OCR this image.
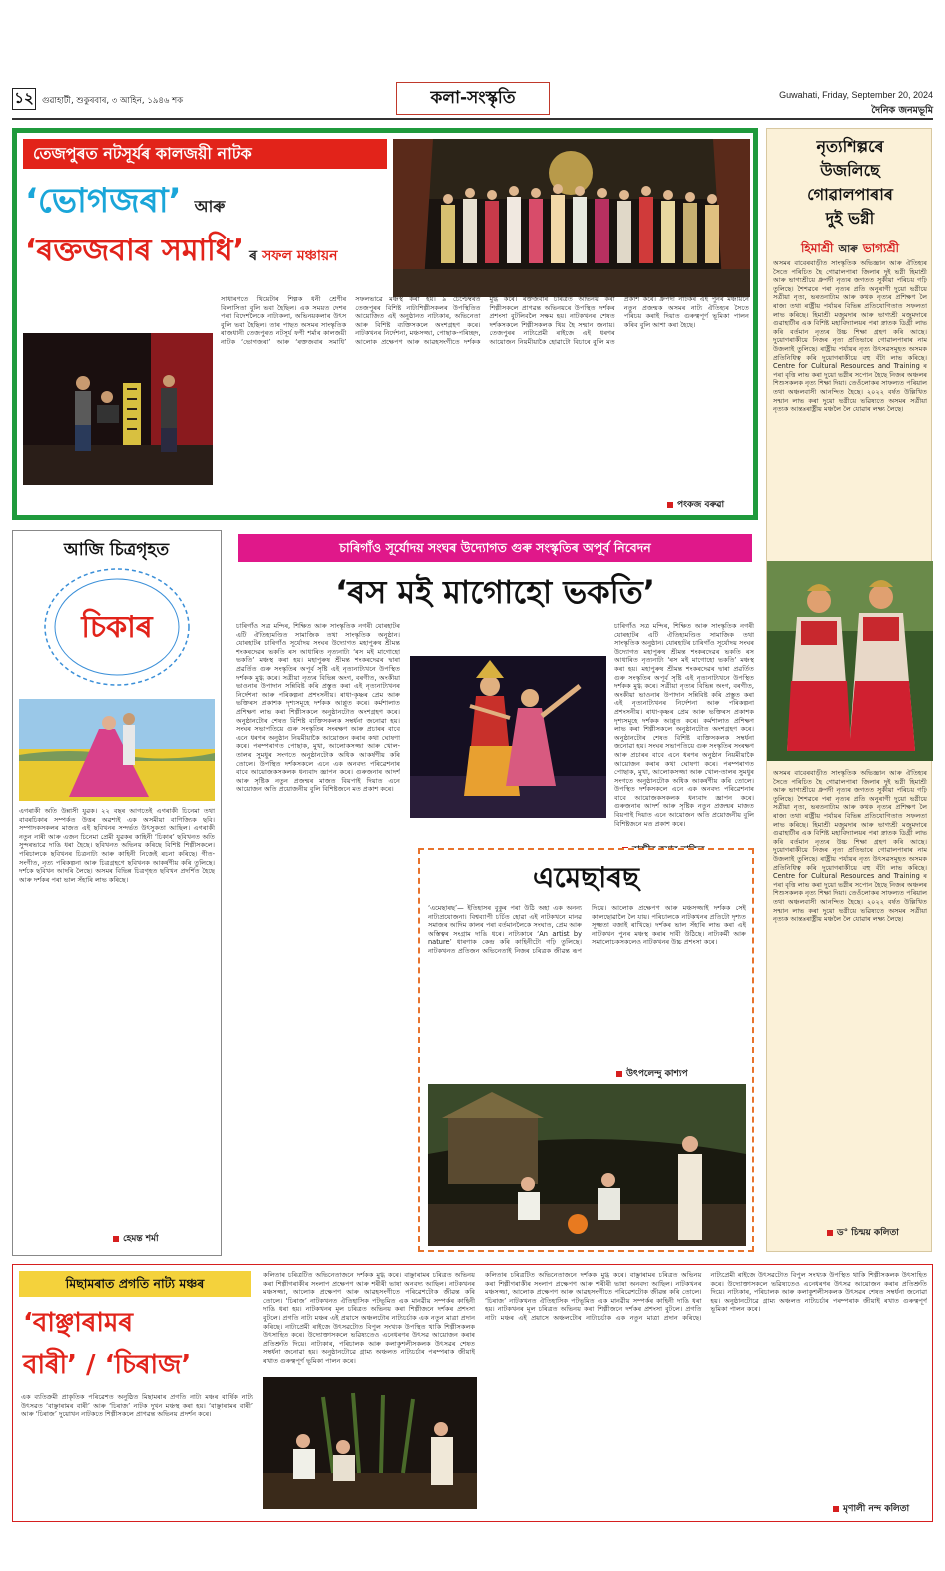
১২ গুৱাহাটী, শুকুৰবাৰ, ৩ আহিন, ১৯৪৬ শক	কলা-সংস্কৃতি	Guwahati, Friday, September 20, 2024
দৈনিক জনমভূমি
তেজপুৰত নটসূৰ্যৰ কালজয়ী নাটক
‘ভোগজৰা’ আৰু
‘ৰক্তজবাৰ সমাধি’ ৰ সফল মঞ্চায়ন
সাধাৰণতে থিয়েটাৰ শিল্পক ধনী শ্ৰেণীৰ বিলাসিতা বুলি ভবা হৈছিল। এক সময়ত দেশৰ পৰা বিদেশলৈকে নাট্যকলা, অভিনয়কলাৰ উৎস বুলি ভবা হৈছিল। তাৰ পাছত অসমৰ সাংস্কৃতিক ৰাজধানী তেজপুৰত নটসূৰ্য ফণী শৰ্মাৰ কালজয়ী নাটক ‘ভোগজৰা’ আৰু ‘ৰক্তজবাৰ সমাধি’ সফলভাৱে মঞ্চস্থ কৰা হয়। ৯ চেপ্টেম্বৰত তেজপুৰৰ বিশিষ্ট নাট্যশিল্পীসকলৰ উপস্থিতিত আয়োজিত এই অনুষ্ঠানত নাট্যকাৰ, অভিনেতা আৰু বিশিষ্ট ব্যক্তিসকলে অংশগ্ৰহণ কৰে। নাটকখনৰ নিৰ্দেশনা, মঞ্চসজ্জা, পোছাক-পৰিচ্ছদ, আলোক প্ৰক্ষেপণ আৰু আৱহসংগীতে দৰ্শকক মুগ্ধ কৰে। ৰক্তজবাৰ চৰিত্ৰত অভিনয় কৰা শিল্পীসকলে প্ৰাণৱন্ত অভিনয়ৰে উপস্থিত দৰ্শকৰ প্ৰশংসা বুটলিবলৈ সক্ষম হয়। নাটকখনৰ শেষত দৰ্শকসকলে শিল্পীসকলক থিয় হৈ সন্মান জনায়। তেজপুৰৰ নাট্যপ্ৰেমী ৰাইজে এই ধৰণৰ আয়োজন নিয়মীয়াকৈ হোৱাটো বিচাৰে বুলি মত প্ৰকাশ কৰে। ধ্ৰুপদী নাটকৰ এই পুনৰ মঞ্চায়নে নতুন প্ৰজন্মক অসমৰ নাট্য ঐতিহ্যৰ সৈতে পৰিচয় কৰাই দিয়াত গুৰুত্বপূৰ্ণ ভূমিকা পালন কৰিব বুলি আশা কৰা হৈছে।
পংকজ বৰুৱা
নৃত্যশিল্পৰে
উজলিছে
গোৱালপাৰাৰ
দুই ভগ্নী
হিমাশ্ৰী আৰু ভাগ্যশ্ৰী
অসমৰ বাবেৰবাড়ীত সাংস্কৃতিক অভিজ্ঞান আৰু ঐতিহ্যৰ সৈতে পৰিচিত হৈ গোৱালপাৰা জিলাৰ দুই ভগ্নী হিমাশ্ৰী আৰু ভাগ্যশ্ৰীয়ে ধ্ৰুপদী নৃত্যৰ জগতত সুকীয়া পৰিচয় গঢ়ি তুলিছে। শৈশৱৰে পৰা নৃত্যৰ প্ৰতি অনুৰাগী দুয়ো ভগ্নীয়ে সত্ৰীয়া নৃত্য, ভৰতনাট্যম আৰু কথক নৃত্যৰ প্ৰশিক্ষণ লৈ ৰাজ্য তথা ৰাষ্ট্ৰীয় পৰ্যায়ৰ বিভিন্ন প্ৰতিযোগিতাত সফলতা লাভ কৰিছে। হিমাশ্ৰী মজুমদাৰ আৰু ভাগ্যশ্ৰী মজুমদাৰে গুৱাহাটীৰ এক বিশিষ্ট মহাবিদ্যালয়ৰ পৰা স্নাতক ডিগ্ৰী লাভ কৰি বৰ্তমান নৃত্যৰ উচ্চ শিক্ষা গ্ৰহণ কৰি আছে। দুয়োগৰাকীয়ে নিজৰ নৃত্য প্ৰতিভাৰে গোৱালপাৰাৰ নাম উজলাই তুলিছে। ৰাষ্ট্ৰীয় পৰ্যায়ৰ নৃত্য উৎসৱসমূহত অসমক প্ৰতিনিধিত্ব কৰি দুয়োগৰাকীয়ে বহু বঁটা লাভ কৰিছে। Centre for Cultural Resources and Training ৰ পৰা বৃত্তি লাভ কৰা দুয়ো ভগ্নীৰ সপোন হৈছে নিজৰ অঞ্চলৰ শিশুসকলক নৃত্য শিক্ষা দিয়া। তেওঁলোকৰ সাফল্যত পৰিয়াল তথা অঞ্চলবাসী আনন্দিত হৈছে। ২০২২ বৰ্ষত উল্লিখিত সন্মান লাভ কৰা দুয়ো ভগ্নীয়ে ভৱিষ্যতে অসমৰ সত্ৰীয়া নৃত্যক আন্তঃৰাষ্ট্ৰীয় মঞ্চলৈ লৈ যোৱাৰ লক্ষ্য লৈছে।
অসমৰ বাবেৰবাড়ীত সাংস্কৃতিক অভিজ্ঞান আৰু ঐতিহ্যৰ সৈতে পৰিচিত হৈ গোৱালপাৰা জিলাৰ দুই ভগ্নী হিমাশ্ৰী আৰু ভাগ্যশ্ৰীয়ে ধ্ৰুপদী নৃত্যৰ জগতত সুকীয়া পৰিচয় গঢ়ি তুলিছে। শৈশৱৰে পৰা নৃত্যৰ প্ৰতি অনুৰাগী দুয়ো ভগ্নীয়ে সত্ৰীয়া নৃত্য, ভৰতনাট্যম আৰু কথক নৃত্যৰ প্ৰশিক্ষণ লৈ ৰাজ্য তথা ৰাষ্ট্ৰীয় পৰ্যায়ৰ বিভিন্ন প্ৰতিযোগিতাত সফলতা লাভ কৰিছে। হিমাশ্ৰী মজুমদাৰ আৰু ভাগ্যশ্ৰী মজুমদাৰে গুৱাহাটীৰ এক বিশিষ্ট মহাবিদ্যালয়ৰ পৰা স্নাতক ডিগ্ৰী লাভ কৰি বৰ্তমান নৃত্যৰ উচ্চ শিক্ষা গ্ৰহণ কৰি আছে। দুয়োগৰাকীয়ে নিজৰ নৃত্য প্ৰতিভাৰে গোৱালপাৰাৰ নাম উজলাই তুলিছে। ৰাষ্ট্ৰীয় পৰ্যায়ৰ নৃত্য উৎসৱসমূহত অসমক প্ৰতিনিধিত্ব কৰি দুয়োগৰাকীয়ে বহু বঁটা লাভ কৰিছে। Centre for Cultural Resources and Training ৰ পৰা বৃত্তি লাভ কৰা দুয়ো ভগ্নীৰ সপোন হৈছে নিজৰ অঞ্চলৰ শিশুসকলক নৃত্য শিক্ষা দিয়া। তেওঁলোকৰ সাফল্যত পৰিয়াল তথা অঞ্চলবাসী আনন্দিত হৈছে। ২০২২ বৰ্ষত উল্লিখিত সন্মান লাভ কৰা দুয়ো ভগ্নীয়ে ভৱিষ্যতে অসমৰ সত্ৰীয়া নৃত্যক আন্তঃৰাষ্ট্ৰীয় মঞ্চলৈ লৈ যোৱাৰ লক্ষ্য লৈছে।
ড° চিন্ময় কলিতা
আজি চিত্ৰগৃহত
চিকাৰ
এগৰাকী অতি উন্নাসী যুৱক। ২২ বছৰ আগতেই এগৰাকী চিনেমা তথা বাবৰচিকাৰ সম্পৰ্কত উত্তৰ অৱশ্যই এক অসমীয়া বাণিজ্যিক ছবি। সম্পাদকসকলৰ মাজত এই ছবিখনৰ সন্দৰ্ভত উৎসুকতা আছিল। এগৰাকী নতুন নাৰী আৰু এজন চিনেমা প্ৰেমী যুৱকৰ কাহিনী ‘চিকাৰ’ ছবিখনত অতি সুন্দৰভাৱে দাঙি ধৰা হৈছে। ছবিখনত অভিনয় কৰিছে বিশিষ্ট শিল্পীসকলে। পৰিচালকে ছবিখনৰ চিত্ৰনাট্য আৰু কাহিনী নিজেই ৰচনা কৰিছে। গীত-সংগীত, নৃত্য পৰিকল্পনা আৰু চিত্ৰগ্ৰহণে ছবিখনক আকৰ্ষণীয় কৰি তুলিছে। দৰ্শকে ছবিখন আদৰি লৈছে। অসমৰ বিভিন্ন চিত্ৰগৃহত ছবিখন প্ৰদৰ্শিত হৈছে আৰু দৰ্শকৰ পৰা ভাল সঁহাৰি লাভ কৰিছে।
হেমন্ত শৰ্মা
চাৰিগাঁও সূৰ্যোদয় সংঘৰ উদ্যোগত গুৰু সংস্কৃতিৰ অপূৰ্ব নিবেদন
‘ৰস মই মাগোহো ভকতি’
চাৰিগাঁও সত্ৰ মন্দিৰ, শিক্ষিত আৰু সাংস্কৃতিক নগৰী যোৰহাটৰ এটি ঐতিহ্যমণ্ডিত সামাজিক তথা সাংস্কৃতিক অনুষ্ঠান। যোৰহাটৰ চাৰিগাঁও সূৰ্যোদয় সংঘৰ উদ্যোগত মহাপুৰুষ শ্ৰীমন্ত শংকৰদেৱৰ ভকতি ৰস আধাৰিত নৃত্যনাট্য ‘ৰস মই মাগোহো ভকতি’ মঞ্চস্থ কৰা হয়। মহাপুৰুষ শ্ৰীমন্ত শংকৰদেৱৰ দ্বাৰা প্ৰৱৰ্তিত গুৰু সংস্কৃতিৰ অপূৰ্ব সৃষ্টি এই নৃত্যনাট্যখনে উপস্থিত দৰ্শকক মুগ্ধ কৰে। সত্ৰীয়া নৃত্যৰ বিভিন্ন অংগ, বৰগীত, অংকীয়া ভাওনাৰ উপাদান সন্নিবিষ্ট কৰি প্ৰস্তুত কৰা এই নৃত্যনাট্যখনৰ নিৰ্দেশনা আৰু পৰিকল্পনা প্ৰশংসনীয়। ৰাধা-কৃষ্ণৰ প্ৰেম আৰু ভক্তিৰস প্ৰকাশক দৃশ্যসমূহে দৰ্শকক আপ্লুত কৰে। কৰ্মশালাত প্ৰশিক্ষণ লাভ কৰা শিল্পীসকলে অনুষ্ঠানটোত অংশগ্ৰহণ কৰে। অনুষ্ঠানটোৰ শেষত বিশিষ্ট ব্যক্তিসকলক সম্বৰ্ধনা জনোৱা হয়। সংঘৰ সভাপতিয়ে গুৰু সংস্কৃতিৰ সংৰক্ষণ আৰু প্ৰচাৰৰ বাবে এনে ধৰণৰ অনুষ্ঠান নিয়মীয়াকৈ আয়োজন কৰাৰ কথা ঘোষণা কৰে। পৰম্পৰাগত পোছাক, মুখা, আলোকসজ্জা আৰু খোল-তালৰ সুমধুৰ সংগতে অনুষ্ঠানটোক অধিক আকৰ্ষণীয় কৰি তোলে। উপস্থিত দৰ্শকসকলে এনে এক অনবদ্য পৰিৱেশনাৰ বাবে আয়োজকসকলক ধন্যবাদ জ্ঞাপন কৰে। গুৰুজনাৰ আদৰ্শ আৰু সৃষ্টিক নতুন প্ৰজন্মৰ মাজত বিয়পাই দিয়াত এনে আয়োজন অতি প্ৰয়োজনীয় বুলি বিশিষ্টজনে মত প্ৰকাশ কৰে।
চাৰিগাঁও সত্ৰ মন্দিৰ, শিক্ষিত আৰু সাংস্কৃতিক নগৰী যোৰহাটৰ এটি ঐতিহ্যমণ্ডিত সামাজিক তথা সাংস্কৃতিক অনুষ্ঠান। যোৰহাটৰ চাৰিগাঁও সূৰ্যোদয় সংঘৰ উদ্যোগত মহাপুৰুষ শ্ৰীমন্ত শংকৰদেৱৰ ভকতি ৰস আধাৰিত নৃত্যনাট্য ‘ৰস মই মাগোহো ভকতি’ মঞ্চস্থ কৰা হয়। মহাপুৰুষ শ্ৰীমন্ত শংকৰদেৱৰ দ্বাৰা প্ৰৱৰ্তিত গুৰু সংস্কৃতিৰ অপূৰ্ব সৃষ্টি এই নৃত্যনাট্যখনে উপস্থিত দৰ্শকক মুগ্ধ কৰে। সত্ৰীয়া নৃত্যৰ বিভিন্ন অংগ, বৰগীত, অংকীয়া ভাওনাৰ উপাদান সন্নিবিষ্ট কৰি প্ৰস্তুত কৰা এই নৃত্যনাট্যখনৰ নিৰ্দেশনা আৰু পৰিকল্পনা প্ৰশংসনীয়। ৰাধা-কৃষ্ণৰ প্ৰেম আৰু ভক্তিৰস প্ৰকাশক দৃশ্যসমূহে দৰ্শকক আপ্লুত কৰে। কৰ্মশালাত প্ৰশিক্ষণ লাভ কৰা শিল্পীসকলে অনুষ্ঠানটোত অংশগ্ৰহণ কৰে। অনুষ্ঠানটোৰ শেষত বিশিষ্ট ব্যক্তিসকলক সম্বৰ্ধনা জনোৱা হয়। সংঘৰ সভাপতিয়ে গুৰু সংস্কৃতিৰ সংৰক্ষণ আৰু প্ৰচাৰৰ বাবে এনে ধৰণৰ অনুষ্ঠান নিয়মীয়াকৈ আয়োজন কৰাৰ কথা ঘোষণা কৰে। পৰম্পৰাগত পোছাক, মুখা, আলোকসজ্জা আৰু খোল-তালৰ সুমধুৰ সংগতে অনুষ্ঠানটোক অধিক আকৰ্ষণীয় কৰি তোলে। উপস্থিত দৰ্শকসকলে এনে এক অনবদ্য পৰিৱেশনাৰ বাবে আয়োজকসকলক ধন্যবাদ জ্ঞাপন কৰে। গুৰুজনাৰ আদৰ্শ আৰু সৃষ্টিক নতুন প্ৰজন্মৰ মাজত বিয়পাই দিয়াত এনে আয়োজন অতি প্ৰয়োজনীয় বুলি বিশিষ্টজনে মত প্ৰকাশ কৰে।
এমেছাৰছ
‘এমেছাৰছ’— ইতিহাসৰ বুকুৰ পৰা উঠি অহা এক অনন্য নাট্যপ্ৰযোজনা। বিশ্বব্যাপী চৰ্চিত হোৱা এই নাটকখনে মানৱ সমাজৰ আদিম কালৰ পৰা বৰ্তমানলৈকে সংঘাত, প্ৰেম আৰু অস্তিত্বৰ সংগ্ৰাম দাঙি ধৰে। নাট্যকাৰে ‘An artist by nature’ ধাৰণাক কেন্দ্ৰ কৰি কাহিনীটো গঢ়ি তুলিছে। নাটকখনত প্ৰতিজন অভিনেতাই নিজৰ চৰিত্ৰক জীৱন্ত ৰূপ দিয়ে। আলোক প্ৰক্ষেপণ আৰু মঞ্চসজ্জাই দৰ্শকক সেই কালছোৱালৈ লৈ যায়। পৰিচালকে নাটকখনৰ প্ৰতিটো দৃশ্যত সূক্ষ্মতা বজাই ৰাখিছে। দৰ্শকৰ ভাল সঁহাৰি লাভ কৰা এই নাটকখন পুনৰ মঞ্চস্থ কৰাৰ দাবী উঠিছে। নাট্যকৰ্মী আৰু সমালোচকসকলেও নাটকখনৰ উচ্চ প্ৰশংসা কৰে।
উৎপলেন্দু কাশ্যপ
মিছামৰাত প্ৰগতি নাট্য মঞ্চৰ
‘বাঞ্ছাৰামৰ
বাৰী’ / ‘চিৰাজ’
এক ব্যতিক্ৰমী প্ৰাকৃতিক পৰিৱেশত অনুষ্ঠিত মিছামৰাৰ প্ৰগতি নাট্য মঞ্চৰ বাৰ্ষিক নাট্য উৎসৱত ‘বাঞ্ছাৰামৰ বাৰী’ আৰু ‘চিৰাজ’ নাটক দুখন মঞ্চস্থ কৰা হয়। ‘বাঞ্ছাৰামৰ বাৰী’ আৰু ‘চিৰাজ’ দুয়োখন নাটকতে শিল্পীসকলে প্ৰাণৱন্ত অভিনয় প্ৰদৰ্শন কৰে।
কলিতাৰ চৰিত্ৰটিত অভিনেতাজনে দৰ্শকক মুগ্ধ কৰে। বাঞ্ছাৰামৰ চৰিত্ৰত অভিনয় কৰা শিল্পীগৰাকীৰ সংলাপ প্ৰক্ষেপণ আৰু শৰীৰী ভাষা অনবদ্য আছিল। নাটকখনৰ মঞ্চসজ্জা, আলোক প্ৰক্ষেপণ আৰু আৱহসংগীতে পৰিৱেশটোক জীৱন্ত কৰি তোলে। ‘চিৰাজ’ নাটকখনত ঐতিহাসিক পটভূমিত এক মানৱীয় সম্পৰ্কৰ কাহিনী দাঙি ধৰা হয়। নাটকখনৰ মূল চৰিত্ৰত অভিনয় কৰা শিল্পীজনে দৰ্শকৰ প্ৰশংসা বুটলে। প্ৰগতি নাট্য মঞ্চৰ এই প্ৰয়াসে অঞ্চলটোৰ নাট্যচৰ্চাক এক নতুন মাত্ৰা প্ৰদান কৰিছে। নাট্যপ্ৰেমী ৰাইজে উৎসৱটোত বিপুল সংখ্যক উপস্থিত থাকি শিল্পীসকলক উৎসাহিত কৰে। উদ্যোক্তাসকলে ভৱিষ্যতেও এনেধৰণৰ উৎসৱ আয়োজন কৰাৰ প্ৰতিশ্ৰুতি দিয়ে। নাট্যকাৰ, পৰিচালক আৰু কলাকুশলীসকলক উৎসৱৰ শেষত সম্বৰ্ধনা জনোৱা হয়। অনুষ্ঠানটোৱে গ্ৰাম্য অঞ্চলত নাট্যচৰ্চাৰ পৰম্পৰাক জীয়াই ৰখাত গুৰুত্বপূৰ্ণ ভূমিকা পালন কৰে।
কলিতাৰ চৰিত্ৰটিত অভিনেতাজনে দৰ্শকক মুগ্ধ কৰে। বাঞ্ছাৰামৰ চৰিত্ৰত অভিনয় কৰা শিল্পীগৰাকীৰ সংলাপ প্ৰক্ষেপণ আৰু শৰীৰী ভাষা অনবদ্য আছিল। নাটকখনৰ মঞ্চসজ্জা, আলোক প্ৰক্ষেপণ আৰু আৱহসংগীতে পৰিৱেশটোক জীৱন্ত কৰি তোলে। ‘চিৰাজ’ নাটকখনত ঐতিহাসিক পটভূমিত এক মানৱীয় সম্পৰ্কৰ কাহিনী দাঙি ধৰা হয়। নাটকখনৰ মূল চৰিত্ৰত অভিনয় কৰা শিল্পীজনে দৰ্শকৰ প্ৰশংসা বুটলে। প্ৰগতি নাট্য মঞ্চৰ এই প্ৰয়াসে অঞ্চলটোৰ নাট্যচৰ্চাক এক নতুন মাত্ৰা প্ৰদান কৰিছে। নাট্যপ্ৰেমী ৰাইজে উৎসৱটোত বিপুল সংখ্যক উপস্থিত থাকি শিল্পীসকলক উৎসাহিত কৰে। উদ্যোক্তাসকলে ভৱিষ্যতেও এনেধৰণৰ উৎসৱ আয়োজন কৰাৰ প্ৰতিশ্ৰুতি দিয়ে। নাট্যকাৰ, পৰিচালক আৰু কলাকুশলীসকলক উৎসৱৰ শেষত সম্বৰ্ধনা জনোৱা হয়। অনুষ্ঠানটোৱে গ্ৰাম্য অঞ্চলত নাট্যচৰ্চাৰ পৰম্পৰাক জীয়াই ৰখাত গুৰুত্বপূৰ্ণ ভূমিকা পালন কৰে।
মৃণালী নন্দ কলিতা
